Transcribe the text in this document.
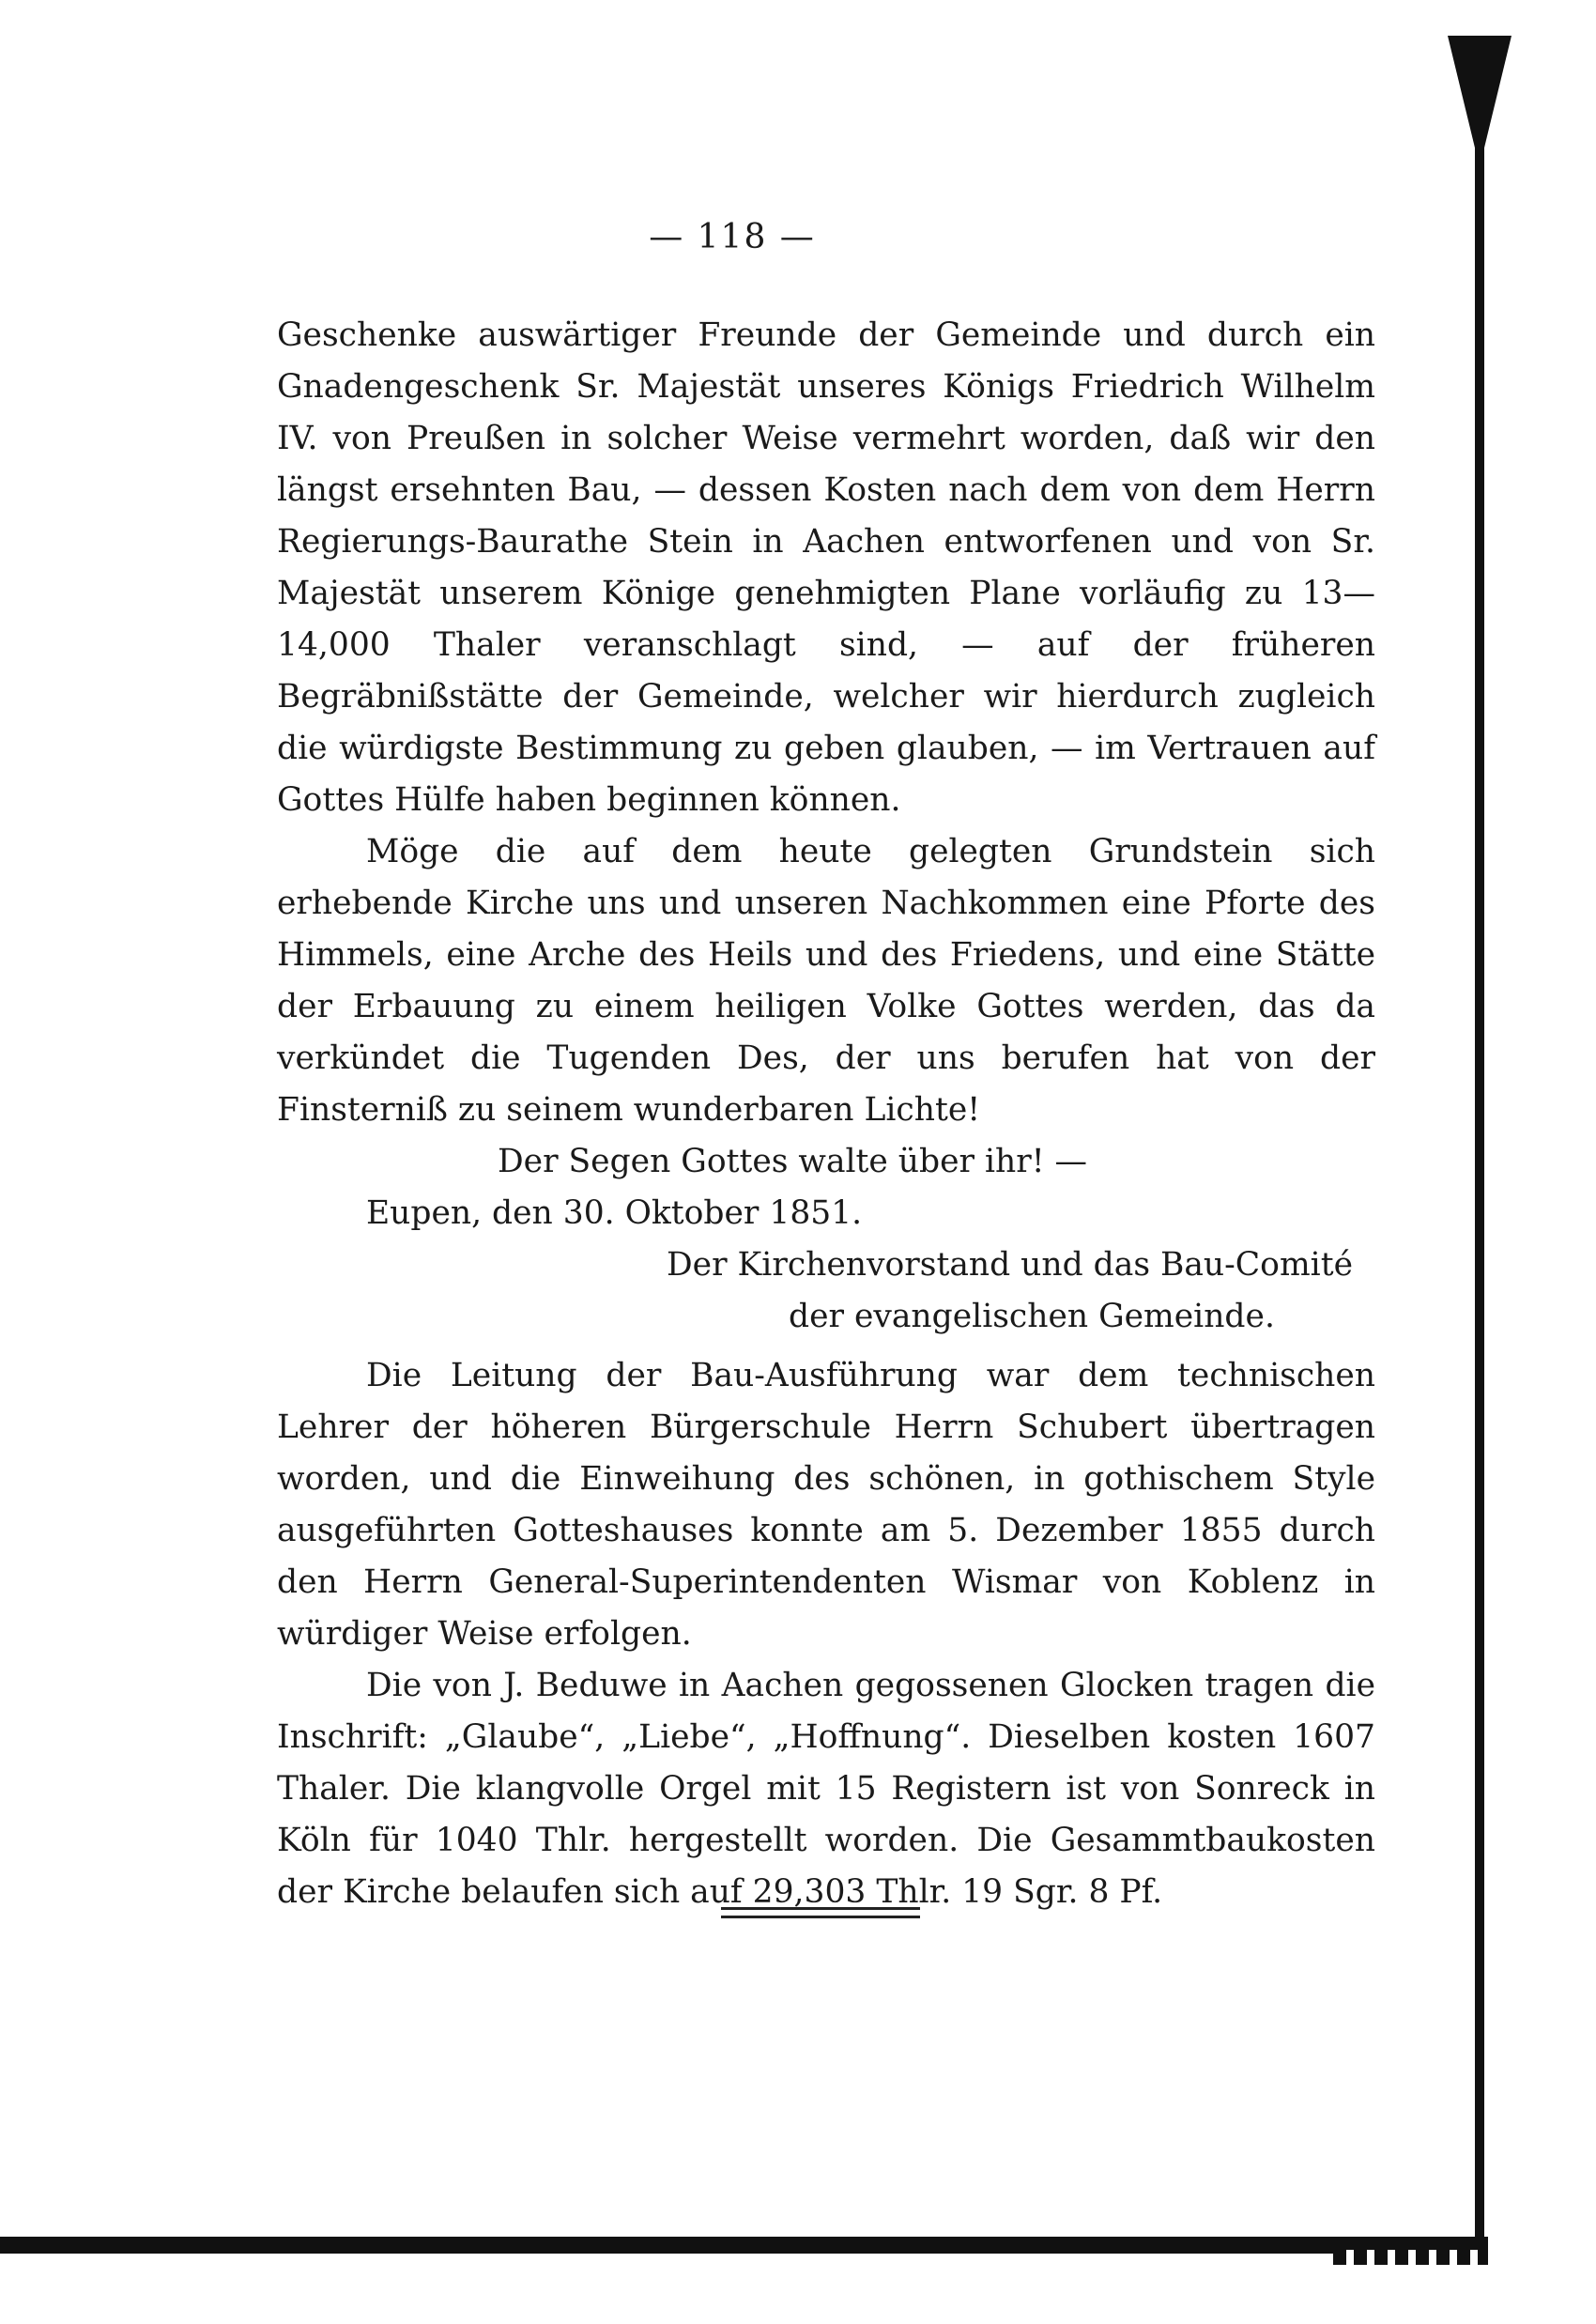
— 118 —

Geschenke auswärtiger Freunde der Gemeinde und durch ein Gnadengeschenk Sr. Majestät unseres Königs Friedrich Wilhelm IV. von Preußen in solcher Weise vermehrt worden, daß wir den längst ersehnten Bau, — dessen Kosten nach dem von dem Herrn Regierungs-Baurathe Stein in Aachen entworfenen und von Sr. Majestät unserem Könige genehmigten Plane vorläufig zu 13—14,000 Thaler veranschlagt sind, — auf der früheren Begräbnißstätte der Gemeinde, welcher wir hierdurch zugleich die würdigste Bestimmung zu geben glauben, — im Vertrauen auf Gottes Hülfe haben beginnen können.

Möge die auf dem heute gelegten Grundstein sich erhebende Kirche uns und unseren Nachkommen eine Pforte des Himmels, eine Arche des Heils und des Friedens, und eine Stätte der Erbauung zu einem heiligen Volke Gottes werden, das da verkündet die Tugenden Des, der uns berufen hat von der Finsterniß zu seinem wunderbaren Lichte!

Der Segen Gottes walte über ihr! —

Eupen, den 30. Oktober 1851.

Der Kirchenvorstand und das Bau-Comité

der evangelischen Gemeinde.

Die Leitung der Bau-Ausführung war dem technischen Lehrer der höheren Bürgerschule Herrn Schubert übertragen worden, und die Einweihung des schönen, in gothischem Style ausgeführten Gotteshauses konnte am 5. Dezember 1855 durch den Herrn General-Superintendenten Wismar von Koblenz in würdiger Weise erfolgen.

Die von J. Beduwe in Aachen gegossenen Glocken tragen die Inschrift: „Glaube“, „Liebe“, „Hoffnung“. Dieselben kosten 1607 Thaler. Die klangvolle Orgel mit 15 Registern ist von Sonreck in Köln für 1040 Thlr. hergestellt worden. Die Gesammtbaukosten der Kirche belaufen sich auf 29,303 Thlr. 19 Sgr. 8 Pf.
